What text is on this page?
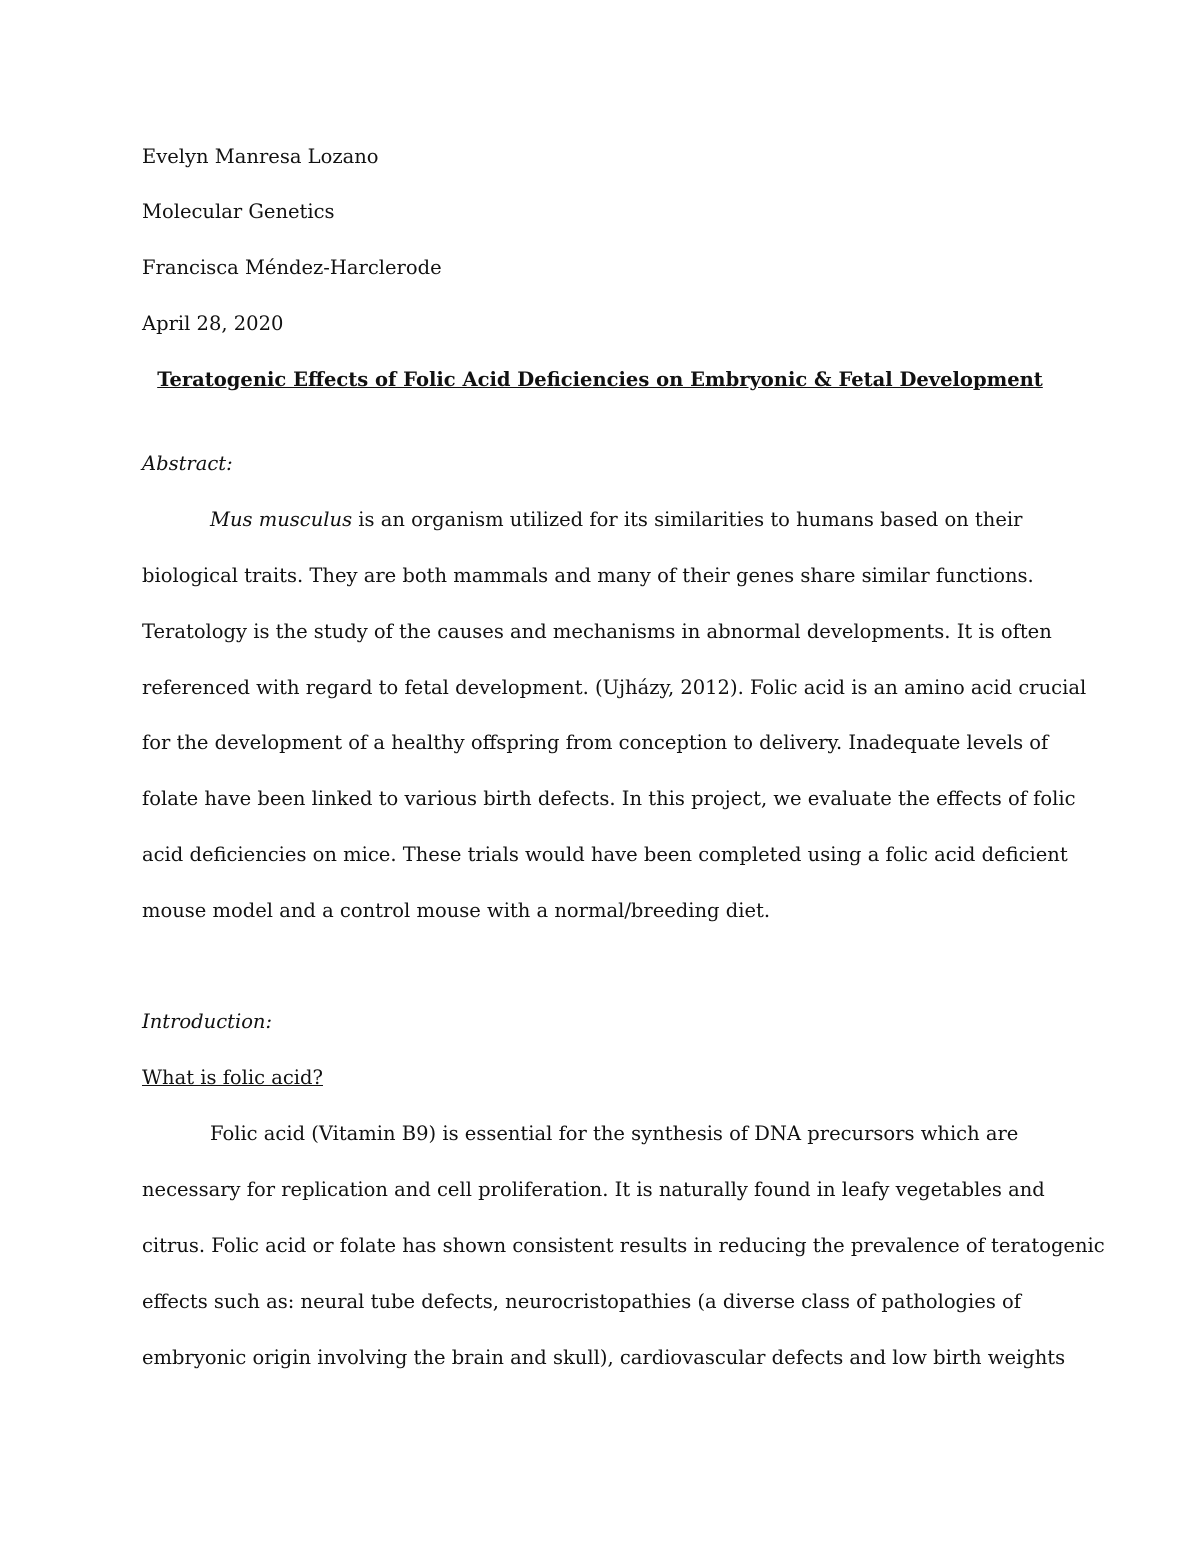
Evelyn Manresa Lozano
Molecular Genetics
Francisca Méndez-Harclerode
April 28, 2020
Teratogenic Effects of Folic Acid Deficiencies on Embryonic & Fetal Development
Abstract:
Mus musculus is an organism utilized for its similarities to humans based on their
biological traits. They are both mammals and many of their genes share similar functions.
Teratology is the study of the causes and mechanisms in abnormal developments. It is often
referenced with regard to fetal development. (Ujházy, 2012). Folic acid is an amino acid crucial
for the development of a healthy offspring from conception to delivery. Inadequate levels of
folate have been linked to various birth defects. In this project, we evaluate the effects of folic
acid deficiencies on mice. These trials would have been completed using a folic acid deficient
mouse model and a control mouse with a normal/breeding diet.
Introduction:
What is folic acid?
Folic acid (Vitamin B9) is essential for the synthesis of DNA precursors which are
necessary for replication and cell proliferation. It is naturally found in leafy vegetables and
citrus. Folic acid or folate has shown consistent results in reducing the prevalence of teratogenic
effects such as: neural tube defects, neurocristopathies (a diverse class of pathologies of
embryonic origin involving the brain and skull), cardiovascular defects and low birth weights
